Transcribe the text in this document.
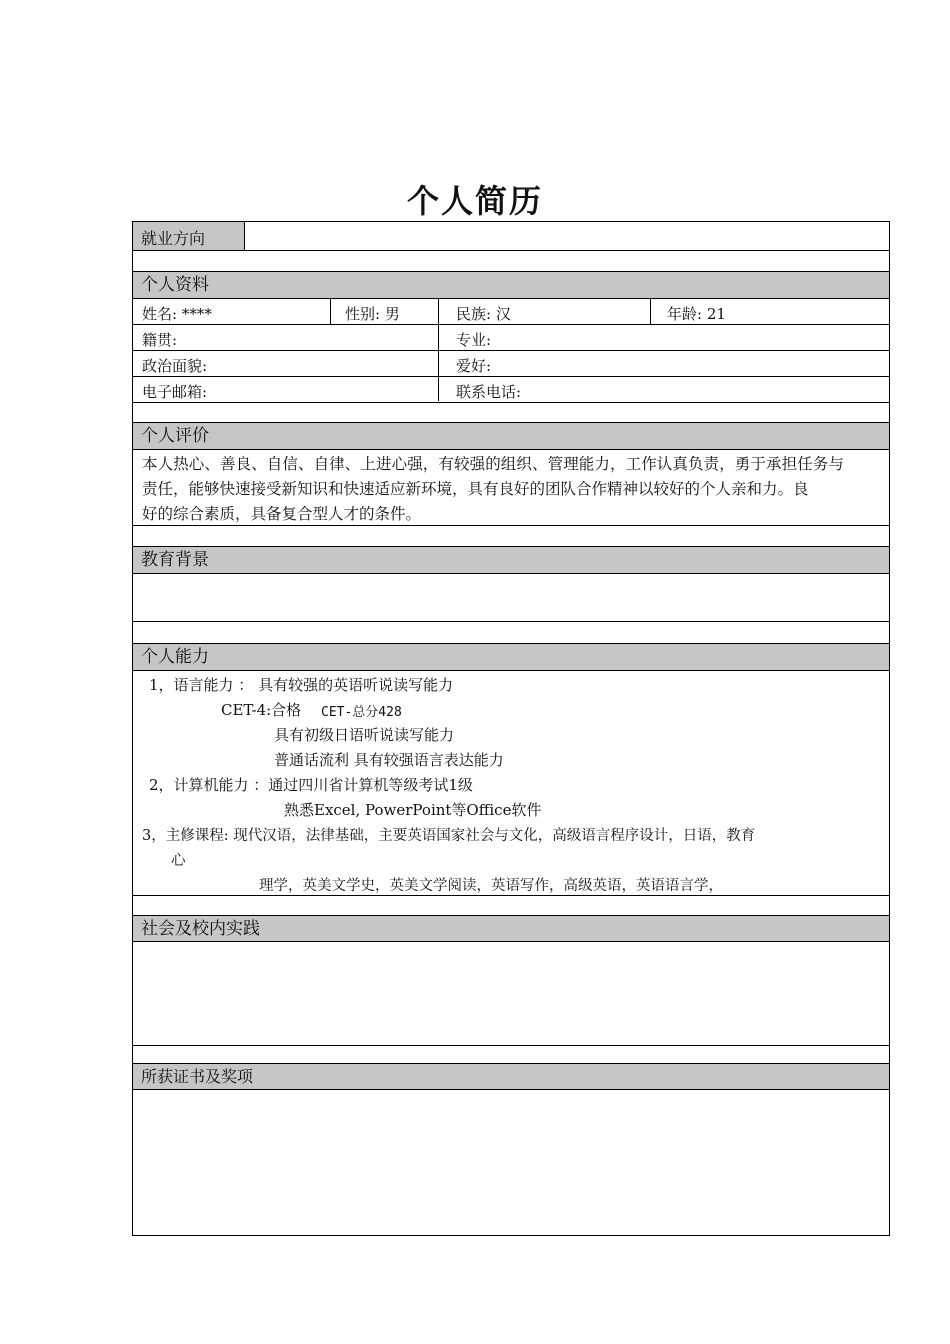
个人简历
就业方向
个人资料
姓名: ****	性别: 男	民族: 汉	年龄: 21
籍贯:	专业:
政治面貌:	爱好:
电子邮箱:	联系电话:
个人评价
本人热心、善良、自信、自律、上进心强，有较强的组织、管理能力，工作认真负责，勇于承担任务与
责任，能够快速接受新知识和快速适应新环境，具有良好的团队合作精神以较好的个人亲和力。良
好的综合素质，具备复合型人才的条件。
教育背景
个人能力
1，语言能力 ： 具有较强的英语听说读写能力
CET-4:合格 CET-总分428
具有初级日语听说读写能力
普通话流利 具有较强语言表达能力
2，计算机能力 ：通过四川省计算机等级考试1级
熟悉Excel, PowerPoint等Office软件
3，主修课程: 现代汉语，法律基础，主要英语国家社会与文化，高级语言程序设计，日语，教育
心
理学，英美文学史，英美文学阅读，英语写作，高级英语，英语语言学，
社会及校内实践
所获证书及奖项
